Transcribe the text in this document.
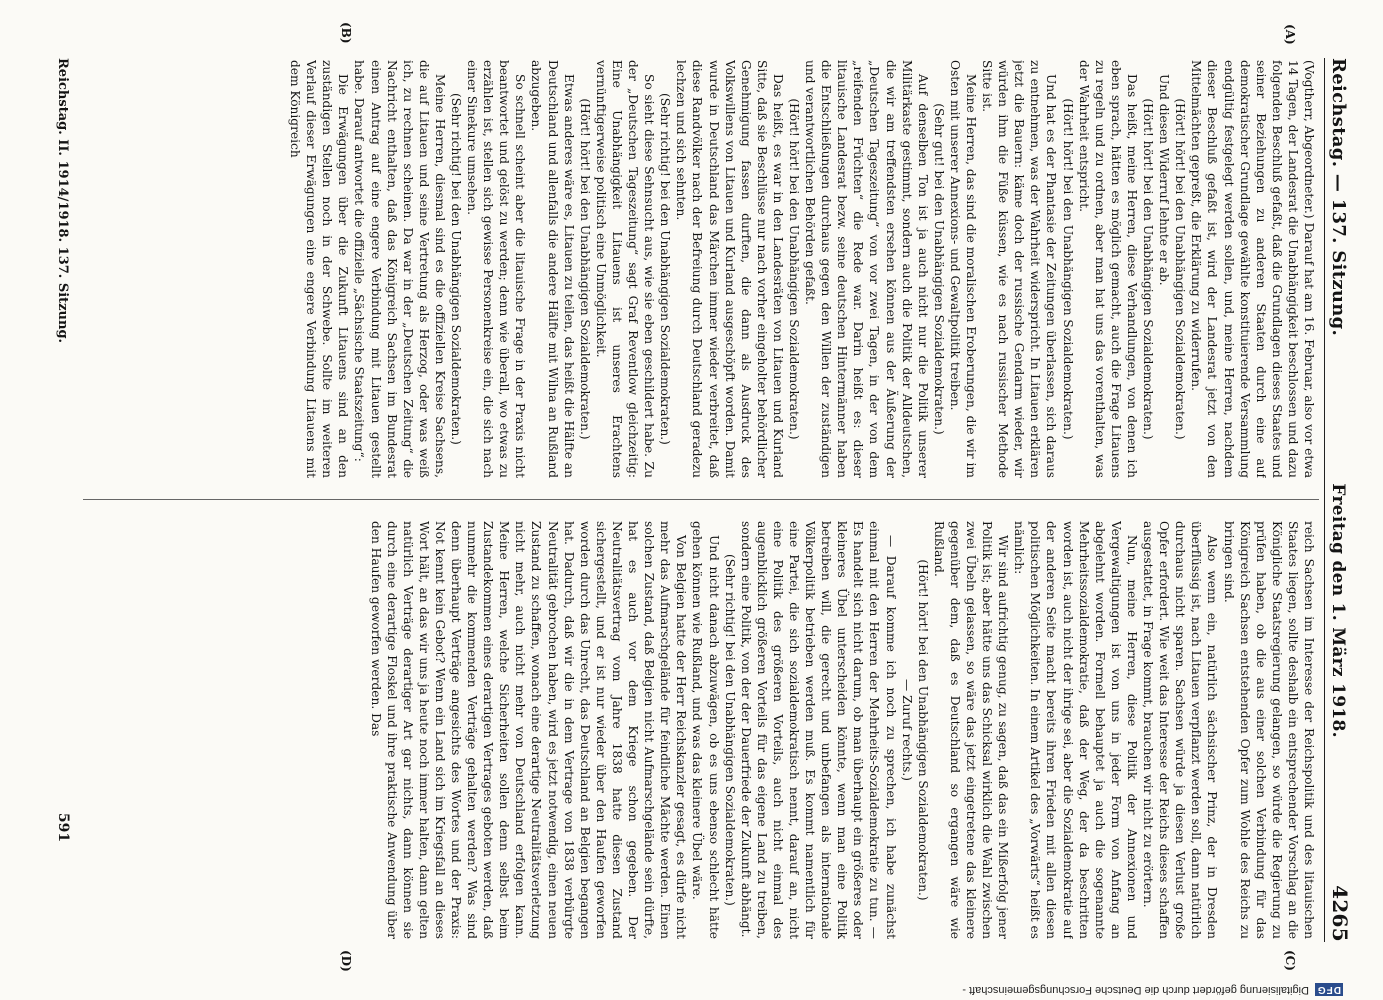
Reichstag. — 137. Sitzung.
Freitag den 1. März 1918.
4265
(A)
(B)
(C)
(D)

(Vogtherr, Abgeordneter.) Darauf hat am 16. Februar, also vor etwa 14 Tagen, der Landesrat die Unabhängigkeit beschlossen und dazu folgenden Beschluß gefaßt, daß die Grundlagen dieses Staates und seiner Beziehungen zu anderen Staaten durch eine auf demokratischer Grundlage gewählte konstituierende Versammlung endgültig festgelegt werden sollen, und, meine Herren, nachdem dieser Beschluß gefaßt ist, wird der Landesrat jetzt von den Mittelmächten gepreßt, die Erklärung zu widerrufen.

(Hört! hört! bei den Unabhängigen Sozialdemokraten.)

Und diesen Widerruf lehnte er ab.

(Hört! hört! bei den Unabhängigen Sozialdemokraten.)

Das heißt, meine Herren, diese Verhandlungen, von denen ich eben sprach, hätten es möglich gemacht, auch die Frage Litauens zu regeln und zu ordnen, aber man hat uns das vorenthalten, was der Wahrheit entspricht.

(Hört! hört! bei den Unabhängigen Sozialdemokraten.)

Und hat es der Phantasie der Zeitungen überlassen, sich daraus zu entnehmen, was der Wahrheit widerspricht. In Litauen erklären jetzt die Bauern: käme doch der russische Gendarm wieder, wir würden ihm die Füße küssen, wie es nach russischer Methode Sitte ist.

Meine Herren, das sind die moralischen Eroberungen, die wir im Osten mit unserer Annexions- und Gewaltpolitik treiben.

(Sehr gut! bei den Unabhängigen Sozialdemokraten.)

Auf denselben Ton ist ja auch nicht nur die Politik unserer Militärkaste gestimmt, sondern auch die Politik der Alldeutschen, die wir am treffendsten ersehen können aus der Äußerung der „Deutschen Tageszeitung“ von vor zwei Tagen, in der von dem „reifenden Früchten“ die Rede war. Darin heißt es: dieser litauische Landesrat bezw. seine deutschen Hintermänner haben die Entschließungen durchaus gegen den Willen der zuständigen und verantwortlichen Behörden gefaßt.

(Hört! hört! bei den Unabhängigen Sozialdemokraten.)

Das heißt, es war in den Landesräten von Litauen und Kurland Sitte, daß sie Beschlüsse nur nach vorher eingeholter behördlicher Genehmigung fassen durften, die dann als Ausdruck des Volkswillens von Litauen und Kurland ausgeschöpft worden. Damit wurde in Deutschland das Märchen immer wieder verbreitet, daß diese Randvölker nach der Befreiung durch Deutschland geradezu lechzen und sich sehnten.

(Sehr richtig! bei den Unabhängigen Sozialdemokraten.)

So sieht diese Sehnsucht aus, wie sie eben geschildert habe. Zu der „Deutschen Tageszeitung“ sagt Graf Reventlow gleichzeitig: Eine Unabhängigkeit Litauens ist unseres Erachtens vernünftigerweise politisch eine Unmöglichkeit.

(Hört! hört! bei den Unabhängigen Sozialdemokraten.)

Etwas anderes wäre es, Litauen zu teilen, das heißt die Hälfte an Deutschland und allenfalls die andere Hälfte mit Wilna an Rußland abzugeben.

So schnell scheint aber die litauische Frage in der Praxis nicht beantwortet und gelöst zu werden; denn wie überall, wo etwas zu erzählen ist, stellen sich gewisse Personenkreise ein, die sich nach einer Sinekure umsehen.

(Sehr richtig! bei den Unabhängigen Sozialdemokraten.)

Meine Herren, diesmal sind es die offiziellen Kreise Sachsens, die auf Litauen und seine Vertretung als Herzog, oder was weiß ich, zu rechnen scheinen. Da war in der „Deutschen Zeitung“ die Nachricht enthalten, daß das Königreich Sachsen im Bundesrat einen Antrag auf eine engere Verbindung mit Litauen gestellt habe. Darauf antwortet die offizielle „Sächsische Staatszeitung“:

Die Erwägungen über die Zukunft Litauens sind an den zuständigen Stellen noch in der Schwebe. Sollte im weiteren Verlauf dieser Erwägungen eine engere Verbindung Litauens mit dem Königreich

reich Sachsen im Interesse der Reichspolitik und des litauischen Staates liegen, sollte deshalb ein entsprechender Vorschlag an die Königliche Staatsregierung gelangen, so würde die Regierung zu prüfen haben, ob die aus einer solchen Verbindung für das Königreich Sachsen entstehenden Opfer zum Wohle des Reichs zu bringen sind.

Also wenn ein, natürlich sächsischer Prinz, der in Dresden überflüssig ist, nach Litauen verpflanzt werden soll, dann natürlich durchaus nicht sparen. Sachsen würde ja diesen Verlust große Opfer erfordert. Wie weit das Interesse der Reichs dieses schaffen ausgestattet, in Frage kommt, brauchen wir nicht zu erörtern.

Nun, meine Herren, diese Politik der Annexionen und Vergewaltigungen ist von uns in jeder Form von Anfang an abgelehnt worden. Formell behauptet ja auch die sogenannte Mehrheitssozialdemokratie, daß der Weg, der da beschritten worden ist, auch nicht der ihrige sei, aber die Sozialdemokratie auf der anderen Seite macht bereits ihren Frieden mit allen diesen politischen Möglichkeiten. In einem Artikel des „Vorwärts“ heißt es nämlich:

Wir sind aufrichtig genug, zu sagen, daß das ein Mißerfolg jener Politik ist; aber hätte uns das Schicksal wirklich die Wahl zwischen zwei Übeln gelassen, so wäre das jetzt eingetretene das kleinere gegenüber dem, daß es Deutschland so ergangen wäre wie Rußland.

(Hört! hört! bei den Unabhängigen Sozialdemokraten.)

— Zuruf rechts.)

— Darauf komme ich noch zu sprechen, ich habe zunächst einmal mit den Herren der Mehrheits-Sozialdemokratie zu tun. — Es handelt sich nicht darum, ob man überhaupt ein größeres oder kleineres Übel unterscheiden könnte, wenn man eine Politik betreiben will, die gerecht und unbefangen als internationale Völkerpolitik betrieben werden muß. Es kommt namentlich für eine Partei, die sich sozialdemokratisch nennt, darauf an, nicht eine Politik des größeren Vorteils, auch nicht einmal des augenblicklich größeren Vorteils für das eigene Land zu treiben, sondern eine Politik, von der der Dauerfriede der Zukunft abhängt.

(Sehr richtig! bei den Unabhängigen Sozialdemokraten.)

Und nicht danach abzuwägen, ob es uns ebenso schlecht hätte gehen können wie Rußland, und was das kleinere Übel wäre.

Von Belgien hatte der Herr Reichskanzler gesagt, es dürfe nicht mehr das Aufmarschgelände für feindliche Mächte werden. Einen solchen Zustand, daß Belgien nicht Aufmarschgelände sein dürfte, hat es auch vor dem Kriege schon gegeben. Der Neutralitätsvertrag vom Jahre 1838 hatte diesen Zustand sichergestellt, und er ist nur wieder über den Haufen geworfen worden durch das Unrecht, das Deutschland an Belgien begangen hat. Dadurch, daß wir die in dem Vertrage von 1838 verbürgte Neutralität gebrochen haben, wird es jetzt notwendig, einen neuen Zustand zu schaffen, wonach eine derartige Neutralitätsverletzung nicht mehr, auch nicht mehr von Deutschland erfolgen kann. Meine Herren, welche Sicherheiten sollen denn selbst beim Zustandekommen eines derartigen Vertrages geboten werden, daß nunmehr die kommenden Verträge gehalten werden? Was sind denn überhaupt Verträge angesichts des Wortes und der Praxis: Not kennt kein Gebot? Wenn ein Land sich im Kriegsfall an dieses Wort hält, an das wir uns ja heute noch immer halten, dann gelten natürlich Verträge derartiger Art gar nichts, dann können sie durch eine derartige Floskel und ihre praktische Anwendung über den Haufen geworfen werden. Das

Reichstag. II. 1914/1918. 137. Sitzung.
591
DFG
Digitalisierung gefördert durch die Deutsche Forschungsgemeinschaft -
